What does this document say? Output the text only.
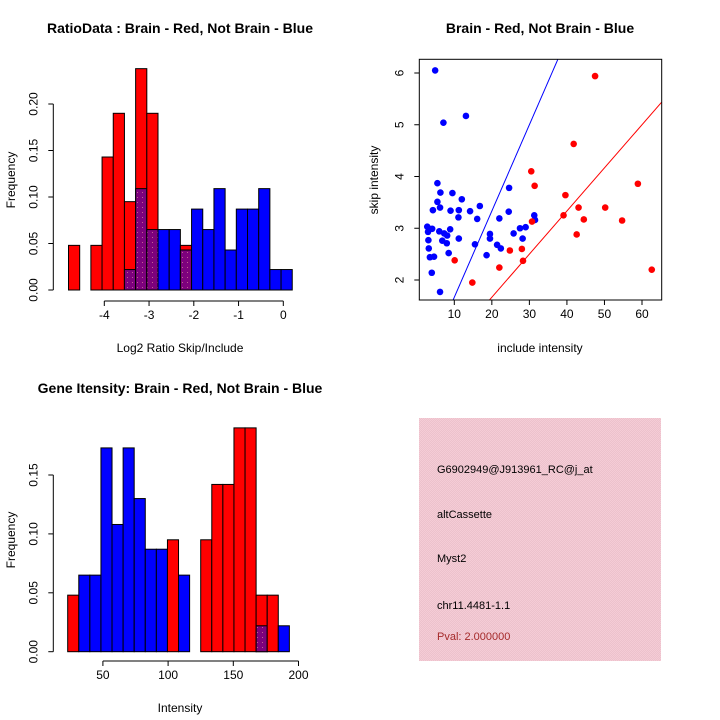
0.00
0.05
0.10
0.15
0.20
-4	-3	-2	-1	0
RatioData : Brain - Red, Not Brain - Blue
Log2 Ratio Skip/Include
Frequency
10 20 30 40 50 60
2
3
4
5
6
Brain - Red, Not Brain - Blue
include intensity
skip intensity
0.00
0.05
0.10
0.15
50	100	150	200
Gene Itensity: Brain - Red, Not Brain - Blue
Intensity
Frequency
G6902949@J913961_RC@j_at
altCassette
Myst2
chr11.4481-1.1
Pval: 2.000000
